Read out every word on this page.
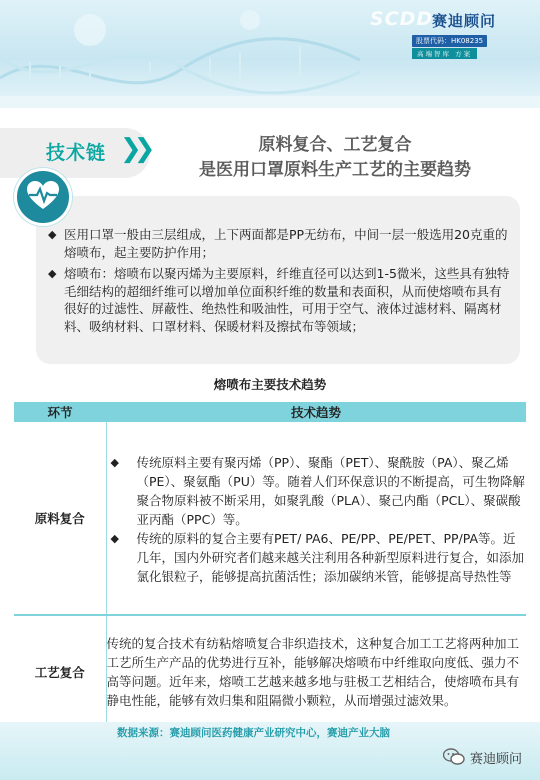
SCDD
赛迪顾问
股票代码：HK08235
高端智库 方案
技术链 ❯❯	原料复合、工艺复合
是医用口罩原料生产工艺的主要趋势

◆ 医用口罩一般由三层组成，上下两面都是PP无纺布，中间一层一般选用20克重的熔喷布，起主要防护作用；

◆ 熔喷布：熔喷布以聚丙烯为主要原料，纤维直径可以达到1-5微米，这些具有独特毛细结构的超细纤维可以增加单位面积纤维的数量和表面积，从而使熔喷布具有很好的过滤性、屏蔽性、绝热性和吸油性，可用于空气、液体过滤材料、隔离材料、吸纳材料、口罩材料、保暖材料及擦拭布等领域；

熔喷布主要技术趋势
环节	技术趋势
原料复合	◆ 传统原料主要有聚丙烯（PP）、聚酯（PET）、聚酰胺（PA）、聚乙烯（PE）、聚氨酯（PU）等。随着人们环保意识的不断提高，可生物降解聚合物原料被不断采用，如聚乳酸（PLA）、聚己内酯（PCL）、聚碳酸亚丙酯（PPC）等。
◆ 传统的原料的复合主要有PET/ PA6、PE/PP、PE/PET、PP/PA等。近几年，国内外研究者们越来越关注利用各种新型原料进行复合，如添加氯化银粒子，能够提高抗菌活性；添加碳纳米管，能够提高导热性等

工艺复合	传统的复合技术有纺粘熔喷复合非织造技术，这种复合加工工艺将两种加工工艺所生产产品的优势进行互补，能够解决熔喷布中纤维取向度低、强力不高等问题。近年来，熔喷工艺越来越多地与驻极工艺相结合，使熔喷布具有静电性能，能够有效归集和阻隔微小颗粒，从而增强过滤效果。
数据来源：赛迪顾问医药健康产业研究中心，赛迪产业大脑
赛迪顾问
